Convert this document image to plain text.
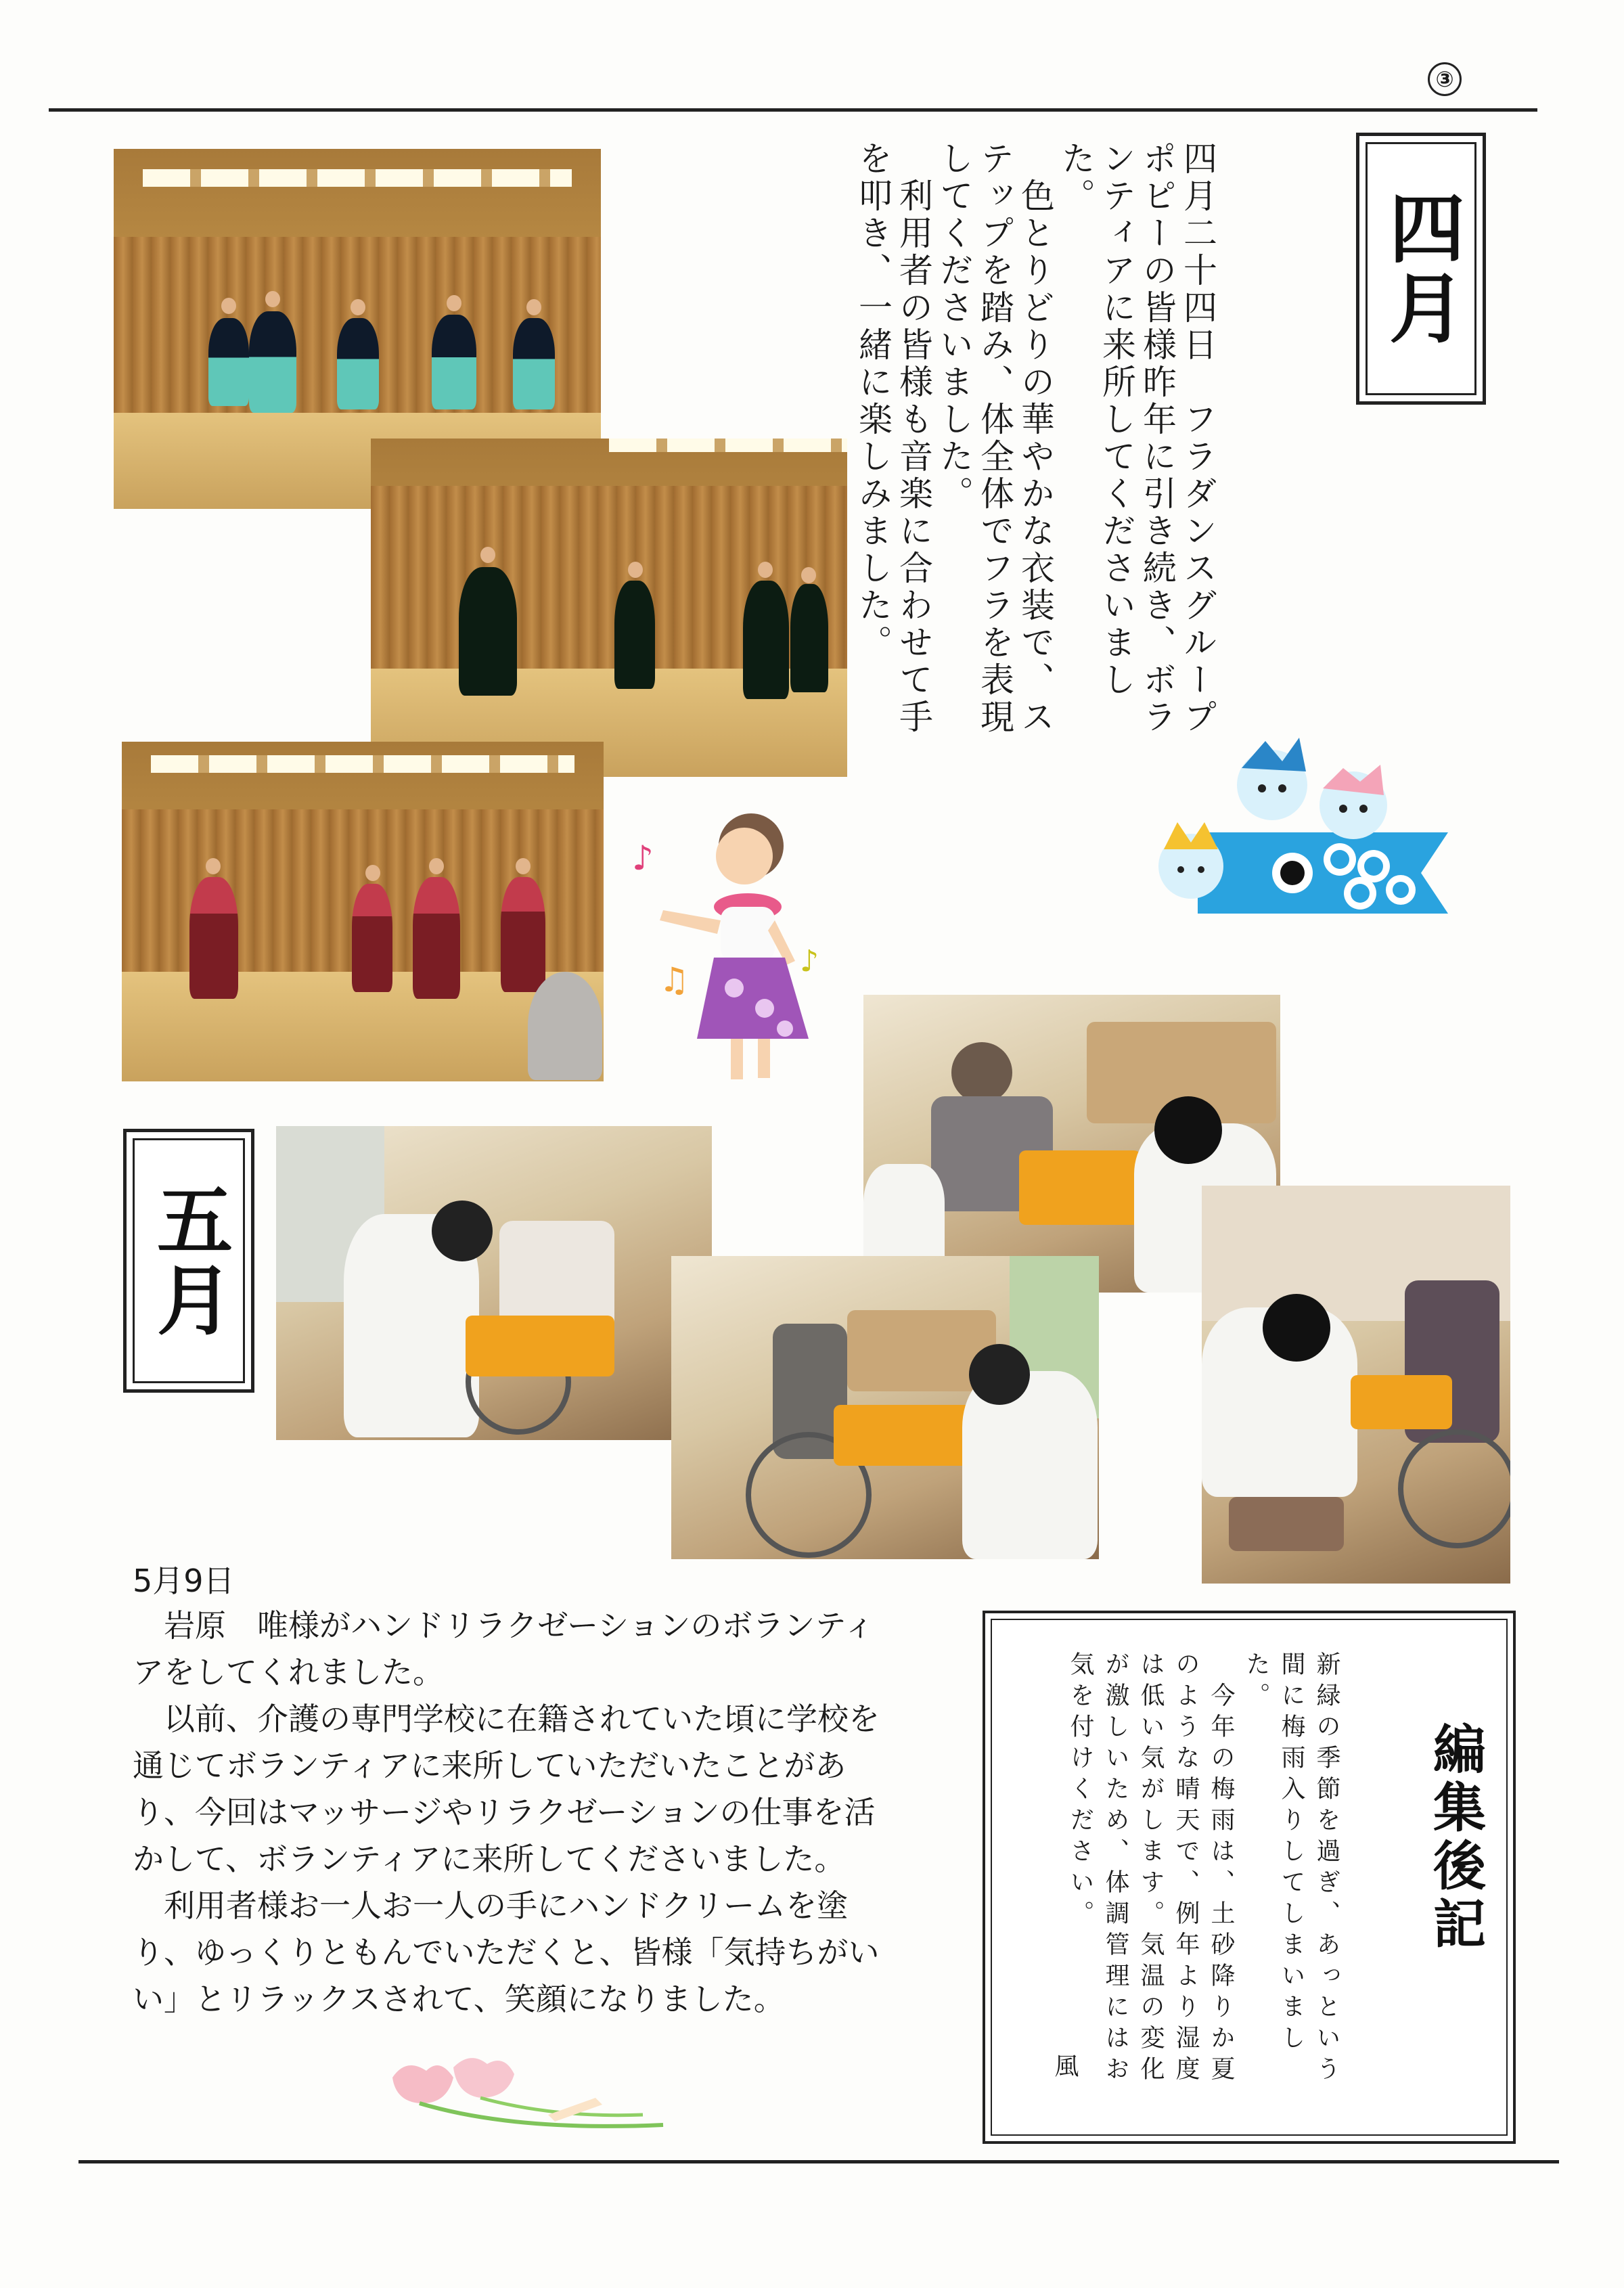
③
四月

四月二十四日　フラダンスグループ　ポピーの皆様昨年に引き続き、ボランティアに来所してくださいました。

　色とりどりの華やかな衣装で、ステップを踏み、体全体でフラを表現してくださいました。

　利用者の皆様も音楽に合わせて手を叩き、一緒に楽しみました。

♪
♫	♪
五月
5月9日

　岩原　唯様がハンドリラクゼーションのボランティアをしてくれました。

　以前、介護の専門学校に在籍されていた頃に学校を通じてボランティアに来所していただいたことがあり、今回はマッサージやリラクゼーションの仕事を活かして、ボランティアに来所してくださいました。

　利用者様お一人お一人の手にハンドクリームを塗り、ゆっくりともんでいただくと、皆様「気持ちがいい」とリラックスされて、笑顔になりました。

編集後記

新緑の季節を過ぎ、あっという間に梅雨入りしてしまいました。

　今年の梅雨は、土砂降りか夏のような晴天で、例年より湿度は低い気がします。気温の変化が激しいため、体調管理にはお気を付けください。

風
